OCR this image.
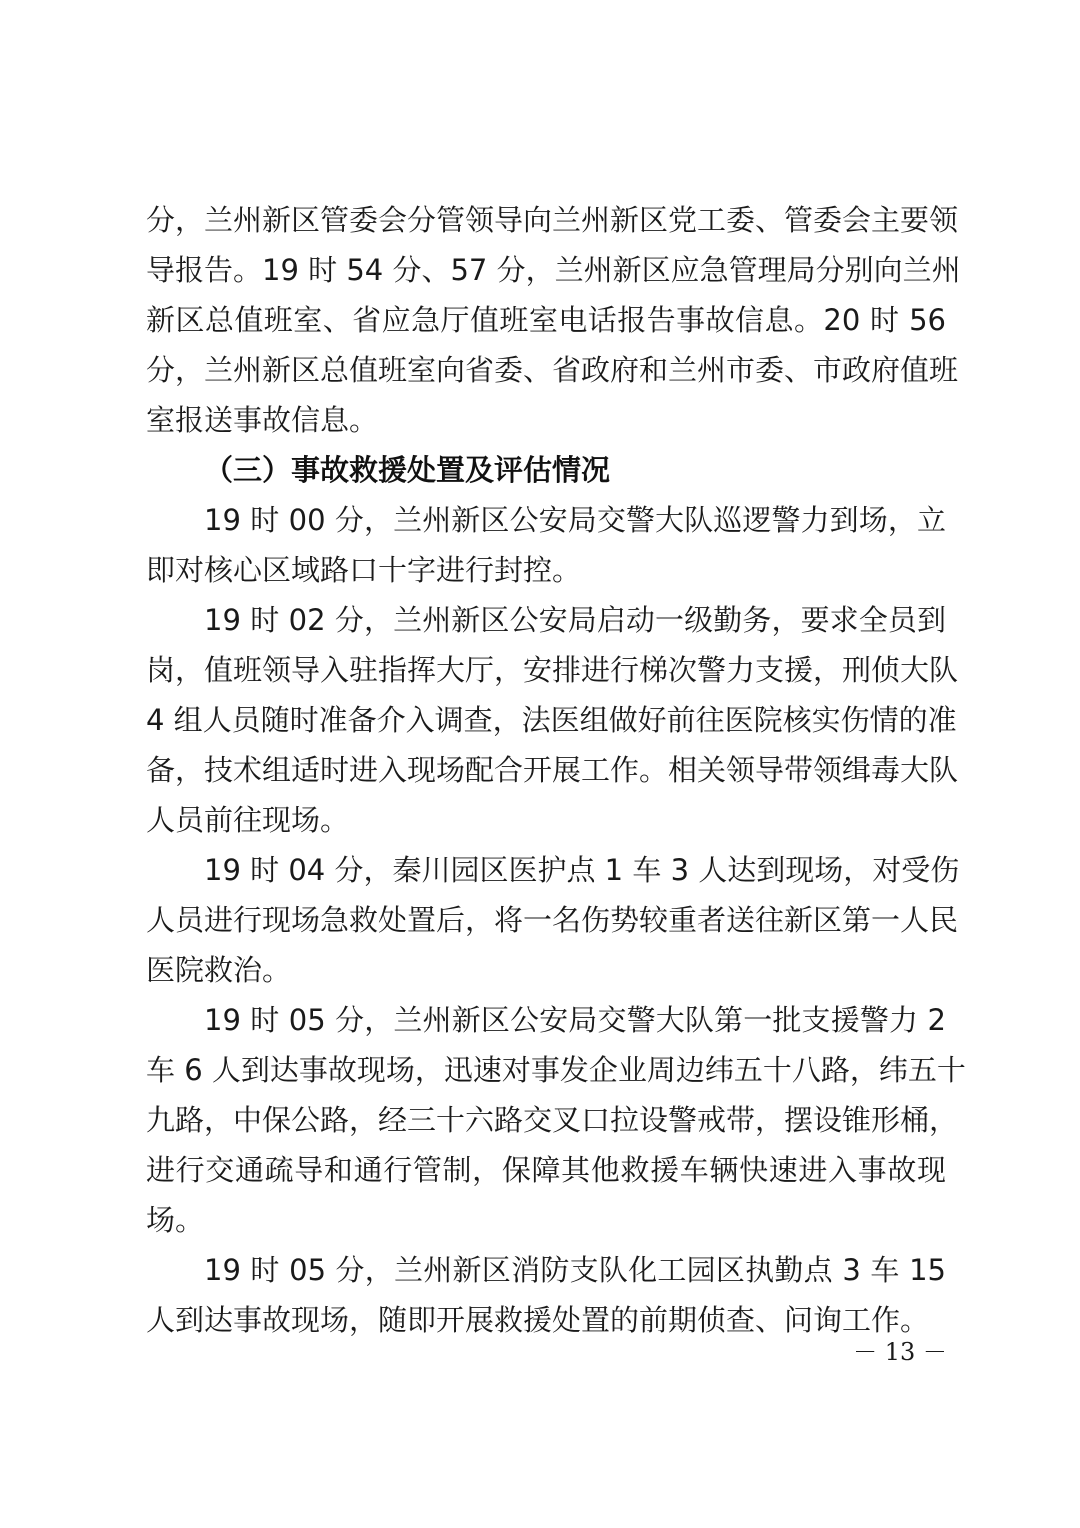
分，兰州新区管委会分管领导向兰州新区党工委、管委会主要领
导报告。19 时 54 分、57 分，兰州新区应急管理局分别向兰州
新区总值班室、省应急厅值班室电话报告事故信息。20 时 56
分，兰州新区总值班室向省委、省政府和兰州市委、市政府值班
室报送事故信息。
（三）事故救援处置及评估情况
19 时 00 分，兰州新区公安局交警大队巡逻警力到场，立
即对核心区域路口十字进行封控。
19 时 02 分，兰州新区公安局启动一级勤务，要求全员到
岗，值班领导入驻指挥大厅，安排进行梯次警力支援，刑侦大队
4 组人员随时准备介入调查，法医组做好前往医院核实伤情的准
备，技术组适时进入现场配合开展工作。相关领导带领缉毒大队
人员前往现场。
19 时 04 分，秦川园区医护点 1 车 3 人达到现场，对受伤
人员进行现场急救处置后，将一名伤势较重者送往新区第一人民
医院救治。
19 时 05 分，兰州新区公安局交警大队第一批支援警力 2
车 6 人到达事故现场，迅速对事发企业周边纬五十八路，纬五十
九路，中保公路，经三十六路交叉口拉设警戒带，摆设锥形桶，
进行交通疏导和通行管制，保障其他救援车辆快速进入事故现
场。
19 时 05 分，兰州新区消防支队化工园区执勤点 3 车 15
人到达事故现场，随即开展救援处置的前期侦查、问询工作。
－ 13 －
